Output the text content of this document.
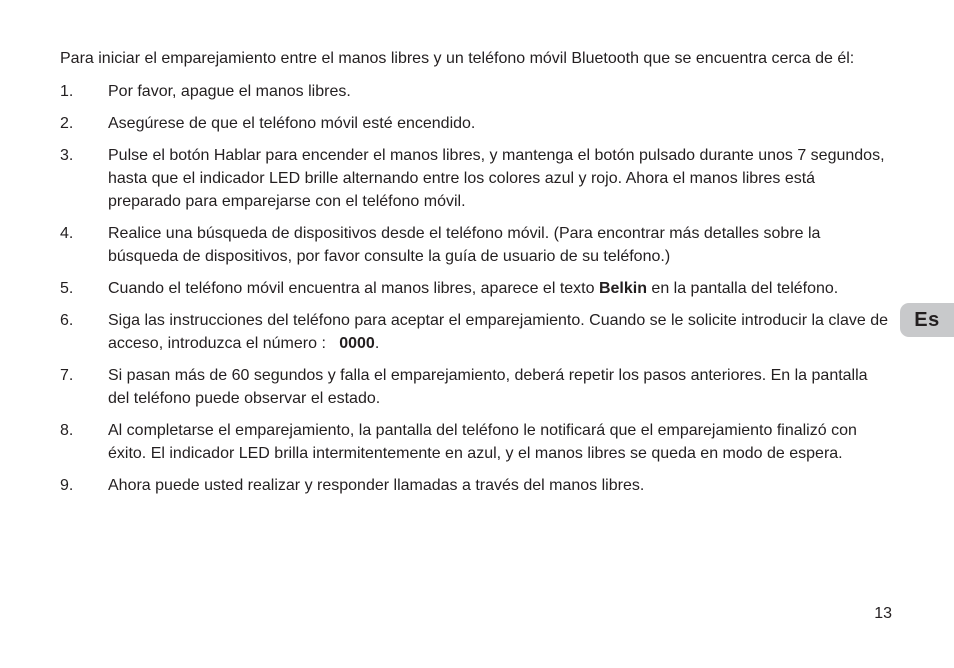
Para iniciar el emparejamiento entre el manos libres y un teléfono móvil Bluetooth que se encuentra cerca de él:

1.	Por favor, apague el manos libres.
2.	Asegúrese de que el teléfono móvil esté encendido.
3.	Pulse el botón Hablar para encender el manos libres, y mantenga el botón pulsado durante unos 7 segundos, hasta que el indicador LED brille alternando entre los colores azul y rojo. Ahora el manos libres está preparado para emparejarse con el teléfono móvil.
4.	Realice una búsqueda de dispositivos desde el teléfono móvil. (Para encontrar más detalles sobre la búsqueda de dispositivos, por favor consulte la guía de usuario de su teléfono.)
5.	Cuando el teléfono móvil encuentra al manos libres, aparece el texto Belkin en la pantalla del teléfono.
6.	Siga las instrucciones del teléfono para aceptar el emparejamiento. Cuando se le solicite introducir la clave de acceso, introduzca el número :   0000.
7.	Si pasan más de 60 segundos y falla el emparejamiento, deberá repetir los pasos anteriores. En la pantalla del teléfono puede observar el estado.
8.	Al completarse el emparejamiento, la pantalla del teléfono le notificará que el emparejamiento finalizó con éxito. El indicador LED brilla intermitentemente en azul, y el manos libres se queda en modo de espera.
9.	Ahora puede usted realizar y responder llamadas a través del manos libres.
Es
13
